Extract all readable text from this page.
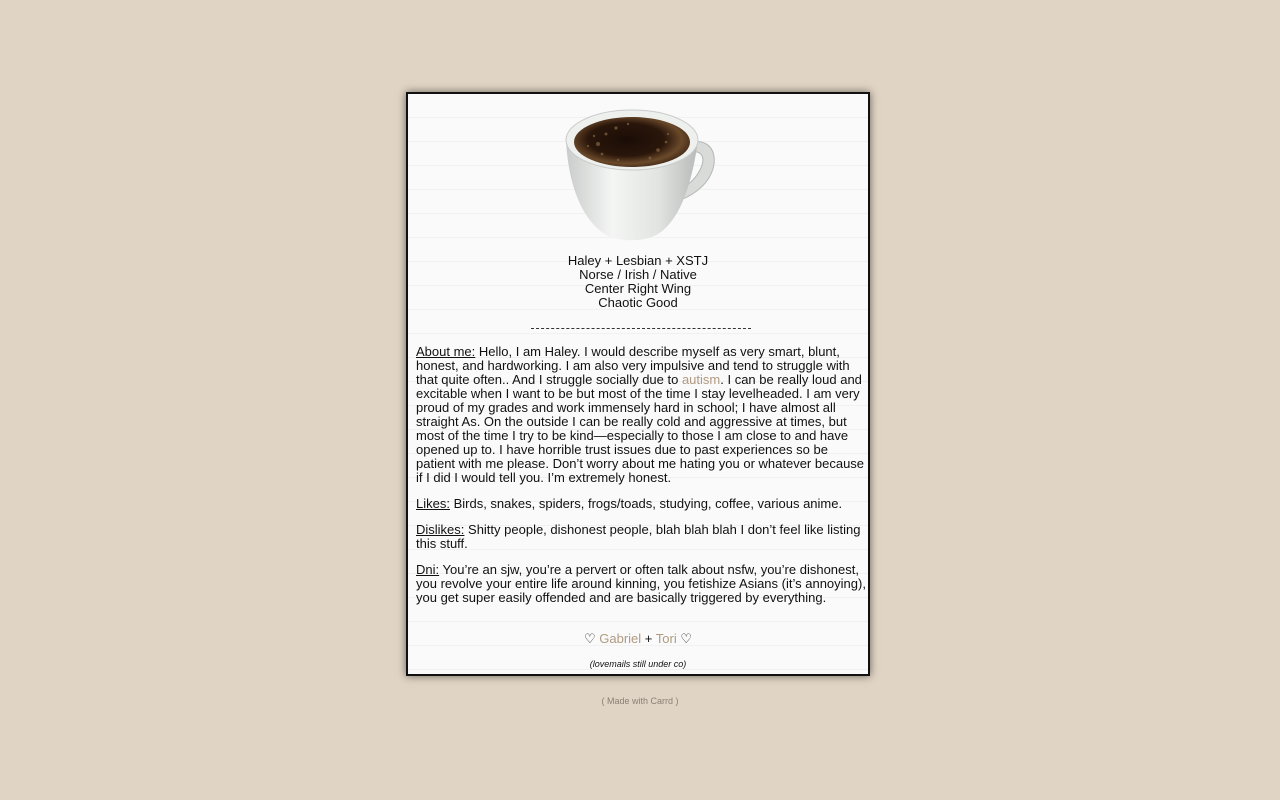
Haley + Lesbian + XSTJ
Norse / Irish / Native
Center Right Wing
Chaotic Good

About me: Hello, I am Haley. I would describe myself as very smart, blunt, honest, and hardworking. I am also very impulsive and tend to struggle with that quite often.. And I struggle socially due to autism. I can be really loud and excitable when I want to be but most of the time I stay levelheaded. I am very proud of my grades and work immensely hard in school; I have almost all straight As. On the outside I can be really cold and aggressive at times, but most of the time I try to be kind—especially to those I am close to and have opened up to. I have horrible trust issues due to past experiences so be patient with me please. Don’t worry about me hating you or whatever because if I did I would tell you. I’m extremely honest.

Likes: Birds, snakes, spiders, frogs/toads, studying, coffee, various anime.

Dislikes: Shitty people, dishonest people, blah blah blah I don’t feel like listing this stuff.

Dni: You’re an sjw, you’re a pervert or often talk about nsfw, you’re dishonest, you revolve your entire life around kinning, you fetishize Asians (it’s annoying), you get super easily offended and are basically triggered by everything.

♡ Gabriel + Tori ♡
(lovemails still under co)
( Made with Carrd )
